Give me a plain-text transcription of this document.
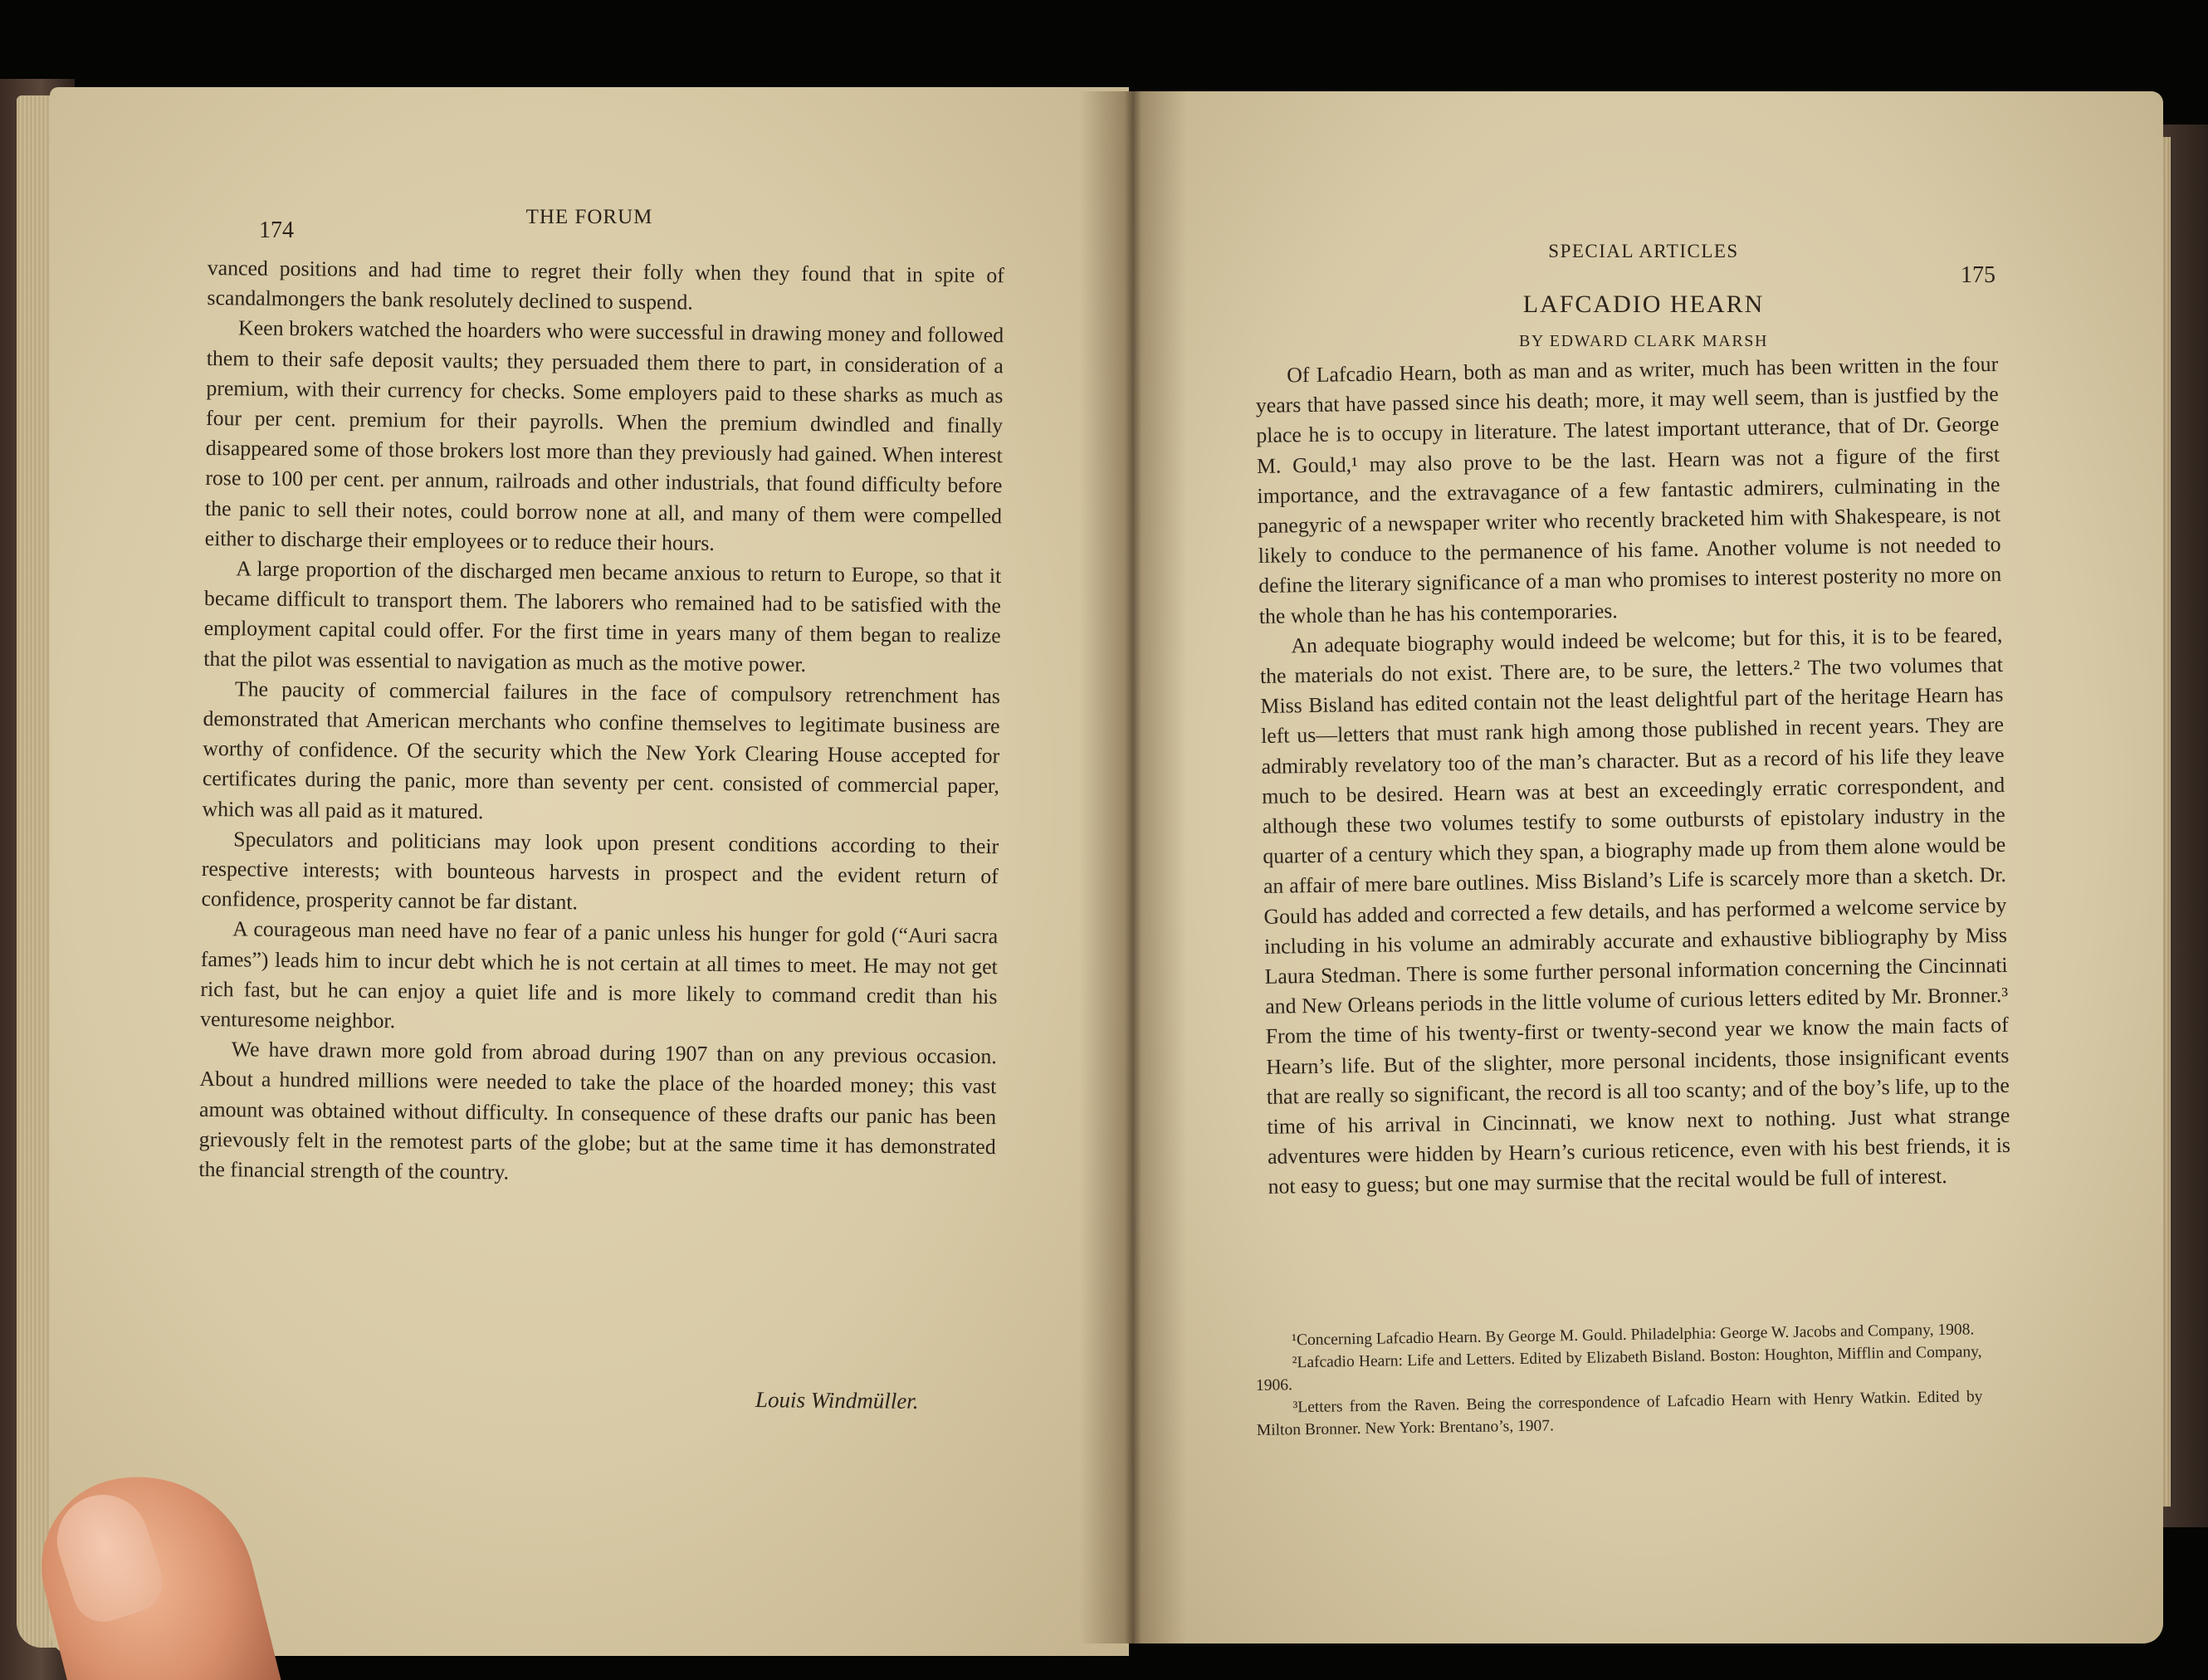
174
THE FORUM

vanced positions and had time to regret their folly when they found that in spite of scandalmongers the bank resolutely declined to suspend.

Keen brokers watched the hoarders who were successful in drawing money and followed them to their safe deposit vaults; they persuaded them there to part, in consideration of a premium, with their currency for checks. Some employers paid to these sharks as much as four per cent. premium for their payrolls. When the premium dwindled and finally disappeared some of those brokers lost more than they previously had gained. When interest rose to 100 per cent. per annum, railroads and other industrials, that found difficulty before the panic to sell their notes, could borrow none at all, and many of them were compelled either to discharge their employees or to reduce their hours.

A large proportion of the discharged men became anxious to return to Europe, so that it became difficult to transport them. The laborers who remained had to be satisfied with the employment capital could offer. For the first time in years many of them began to realize that the pilot was essential to navigation as much as the motive power.

The paucity of commercial failures in the face of compulsory retrenchment has demonstrated that American merchants who confine themselves to legitimate business are worthy of confidence. Of the security which the New York Clearing House accepted for certificates during the panic, more than seventy per cent. consisted of commercial paper, which was all paid as it matured.

Speculators and politicians may look upon present conditions according to their respective interests; with bounteous harvests in prospect and the evident return of confidence, prosperity cannot be far distant.

A courageous man need have no fear of a panic unless his hunger for gold (“Auri sacra fames”) leads him to incur debt which he is not certain at all times to meet. He may not get rich fast, but he can enjoy a quiet life and is more likely to command credit than his venturesome neighbor.

We have drawn more gold from abroad during 1907 than on any previous occasion. About a hundred millions were needed to take the place of the hoarded money; this vast amount was obtained without difficulty. In consequence of these drafts our panic has been grievously felt in the remotest parts of the globe; but at the same time it has demonstrated the financial strength of the country.

Louis Windmüller.
SPECIAL ARTICLES
175
LAFCADIO HEARN
BY EDWARD CLARK MARSH

Of Lafcadio Hearn, both as man and as writer, much has been written in the four years that have passed since his death; more, it may well seem, than is justfied by the place he is to occupy in literature. The latest important utterance, that of Dr. George M. Gould,¹ may also prove to be the last. Hearn was not a figure of the first importance, and the extravagance of a few fantastic admirers, culminating in the panegyric of a newspaper writer who recently bracketed him with Shakespeare, is not likely to conduce to the permanence of his fame. Another volume is not needed to define the literary significance of a man who promises to interest posterity no more on the whole than he has his contemporaries.

An adequate biography would indeed be welcome; but for this, it is to be feared, the materials do not exist. There are, to be sure, the letters.² The two volumes that Miss Bisland has edited contain not the least delightful part of the heritage Hearn has left us—letters that must rank high among those published in recent years. They are admirably revelatory too of the man’s character. But as a record of his life they leave much to be desired. Hearn was at best an exceedingly erratic correspondent, and although these two volumes testify to some outbursts of epistolary industry in the quarter of a century which they span, a biography made up from them alone would be an affair of mere bare outlines. Miss Bisland’s Life is scarcely more than a sketch. Dr. Gould has added and corrected a few details, and has performed a welcome service by including in his volume an admirably accurate and exhaustive bibliography by Miss Laura Stedman. There is some further personal information concerning the Cincinnati and New Orleans periods in the little volume of curious letters edited by Mr. Bronner.³ From the time of his twenty-first or twenty-second year we know the main facts of Hearn’s life. But of the slighter, more personal incidents, those insignificant events that are really so significant, the record is all too scanty; and of the boy’s life, up to the time of his arrival in Cincinnati, we know next to nothing. Just what strange adventures were hidden by Hearn’s curious reticence, even with his best friends, it is not easy to guess; but one may surmise that the recital would be full of interest.

¹Concerning Lafcadio Hearn. By George M. Gould. Philadelphia: George W. Jacobs and Company, 1908.

²Lafcadio Hearn: Life and Letters. Edited by Elizabeth Bisland. Boston: Houghton, Mifflin and Company, 1906.

³Letters from the Raven. Being the correspondence of Lafcadio Hearn with Henry Watkin. Edited by Milton Bronner. New York: Brentano’s, 1907.
